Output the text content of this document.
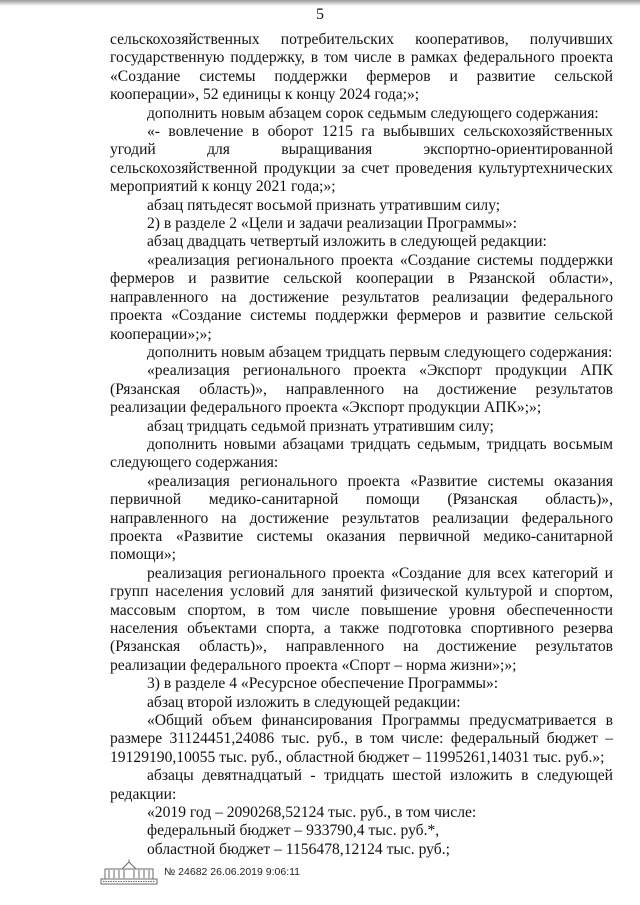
5

сельскохозяйственных потребительских кооперативов, получивших государственную поддержку, в том числе в рамках федерального проекта «Создание системы поддержки фермеров и развитие сельской кооперации», 52 единицы к концу 2024 года;»;

дополнить новым абзацем сорок седьмым следующего содержания:

«- вовлечение в оборот 1215 га выбывших сельскохозяйственных угодий для выращивания экспортно-ориентированной сельскохозяйственной продукции за счет проведения культуртехнических мероприятий к концу 2021 года;»;

абзац пятьдесят восьмой признать утратившим силу;

2) в разделе 2 «Цели и задачи реализации Программы»:

абзац двадцать четвертый изложить в следующей редакции:

«реализация регионального проекта «Создание системы поддержки фермеров и развитие сельской кооперации в Рязанской области», направленного на достижение результатов реализации федерального проекта «Создание системы поддержки фермеров и развитие сельской кооперации»;»;

дополнить новым абзацем тридцать первым следующего содержания:

«реализация регионального проекта «Экспорт продукции АПК (Рязанская область)», направленного на достижение результатов реализации федерального проекта «Экспорт продукции АПК»;»;

абзац тридцать седьмой признать утратившим силу;

дополнить новыми абзацами тридцать седьмым, тридцать восьмым следующего содержания:

«реализация регионального проекта «Развитие системы оказания первичной медико-санитарной помощи (Рязанская область)», направленного на достижение результатов реализации федерального проекта «Развитие системы оказания первичной медико-санитарной помощи»;

реализация регионального проекта «Создание для всех категорий и групп населения условий для занятий физической культурой и спортом, массовым спортом, в том числе повышение уровня обеспеченности населения объектами спорта, а также подготовка спортивного резерва (Рязанская область)», направленного на достижение результатов реализации федерального проекта «Спорт – норма жизни»;»;

3) в разделе 4 «Ресурсное обеспечение Программы»:

абзац второй изложить в следующей редакции:

«Общий объем финансирования Программы предусматривается в размере 31124451,24086 тыс. руб., в том числе: федеральный бюджет – 19129190,10055 тыс. руб., областной бюджет – 11995261,14031 тыс. руб.»;

абзацы девятнадцатый - тридцать шестой изложить в следующей редакции:

«2019 год – 2090268,52124 тыс. руб., в том числе:

федеральный бюджет – 933790,4 тыс. руб.*,

областной бюджет – 1156478,12124 тыс. руб.;

№ 24682 26.06.2019 9:06:11
